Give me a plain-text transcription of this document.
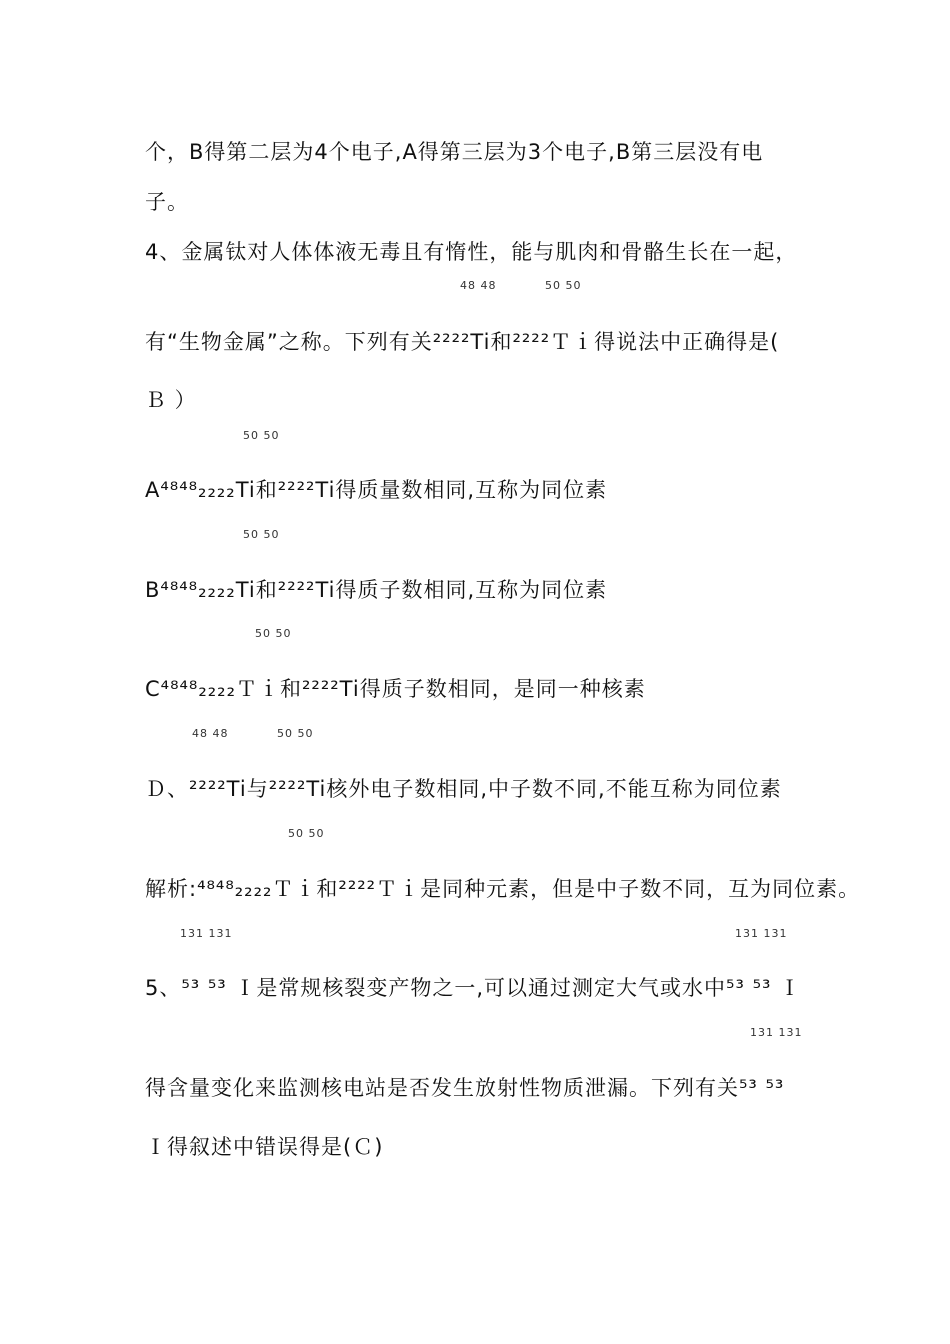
个，B得第二层为4个电子,A得第三层为3个电子,B第三层没有电
子。
4、金属钛对人体体液无毒且有惰性，能与肌肉和骨骼生长在一起，
48 48	50 50
有“生物金属”之称。下列有关²²²²Ti和²²²²Ｔｉ得说法中正确得是(
Ｂ ）
50 50
A⁴⁸⁴⁸₂₂₂₂Ti和²²²²Ti得质量数相同,互称为同位素
50 50
B⁴⁸⁴⁸₂₂₂₂Ti和²²²²Ti得质子数相同,互称为同位素
50 50
C⁴⁸⁴⁸₂₂₂₂Ｔｉ和²²²²Ti得质子数相同，是同一种核素
48 48	50 50
Ｄ、²²²²Ti与²²²²Ti核外电子数相同,中子数不同,不能互称为同位素
50 50
解析:⁴⁸⁴⁸₂₂₂₂Ｔｉ和²²²²Ｔｉ是同种元素，但是中子数不同，互为同位素。
131 131	131 131
5、⁵³ ⁵³ Ｉ是常规核裂变产物之一,可以通过测定大气或水中⁵³ ⁵³ Ｉ
131 131
得含量变化来监测核电站是否发生放射性物质泄漏。下列有关⁵³ ⁵³
Ｉ得叙述中错误得是(Ｃ)
